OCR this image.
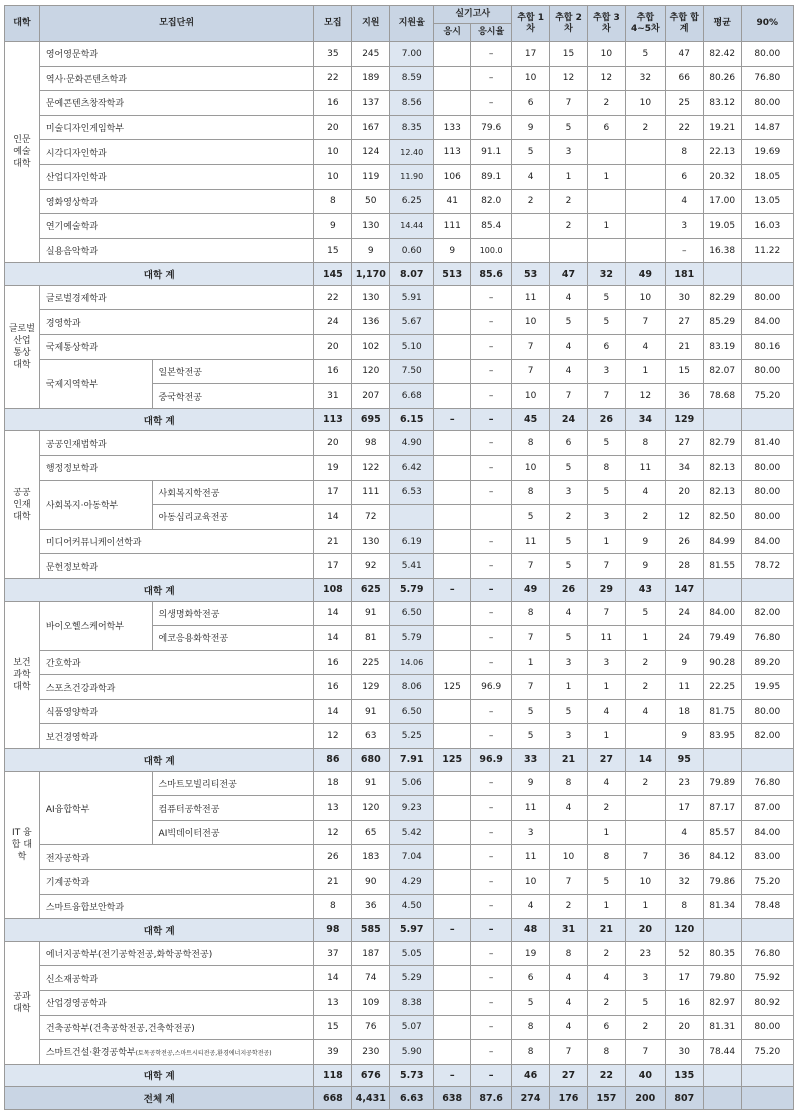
대학	모집단위		모집	지원	지원율	실기고사		추합 1차	추합 2차	추합 3차	추합 4~5차	추합 합계	평균	90%
						응시	응시율							
인문 예술 대학	영어영문학과		35	245	7.00		–	17	15	10	5	47	82.42	80.00
	역사·문화콘텐츠학과		22	189	8.59		–	10	12	12	32	66	80.26	76.80
	문예콘텐츠창작학과		16	137	8.56		–	6	7	2	10	25	83.12	80.00
	미술디자인게임학부		20	167	8.35	133	79.6	9	5	6	2	22	19.21	14.87
	시각디자인학과		10	124	12.40	113	91.1	5	3			8	22.13	19.69
	산업디자인학과		10	119	11.90	106	89.1	4	1	1		6	20.32	18.05
	영화영상학과		8	50	6.25	41	82.0	2	2			4	17.00	13.05
	연기예술학과		9	130	14.44	111	85.4		2	1		3	19.05	16.03
	실용음악학과		15	9	0.60	9	100.0					–	16.38	11.22
대학 계			145	1,170	8.07	513	85.6	53	47	32	49	181		
글로벌 산업 통상 대학	글로벌경제학과		22	130	5.91		–	11	4	5	10	30	82.29	80.00
	경영학과		24	136	5.67		–	10	5	5	7	27	85.29	84.00
	국제통상학과		20	102	5.10		–	7	4	6	4	21	83.19	80.16
	국제지역학부	일본학전공	16	120	7.50		–	7	4	3	1	15	82.07	80.00
		중국학전공	31	207	6.68		–	10	7	7	12	36	78.68	75.20
대학 계			113	695	6.15	–	–	45	24	26	34	129		
공공 인재 대학	공공인재법학과		20	98	4.90		–	8	6	5	8	27	82.79	81.40
	행정정보학과		19	122	6.42		–	10	5	8	11	34	82.13	80.00
	사회복지·아동학부	사회복지학전공	17	111	6.53		–	8	3	5	4	20	82.13	80.00
		아동심리교육전공	14	72				5	2	3	2	12	82.50	80.00
	미디어커뮤니케이션학과		21	130	6.19		–	11	5	1	9	26	84.99	84.00
	문헌정보학과		17	92	5.41		–	7	5	7	9	28	81.55	78.72
대학 계			108	625	5.79	–	–	49	26	29	43	147		
보건 과학 대학	바이오헬스케어학부	의생명화학전공	14	91	6.50		–	8	4	7	5	24	84.00	82.00
		에코응용화학전공	14	81	5.79		–	7	5	11	1	24	79.49	76.80
	간호학과		16	225	14.06		–	1	3	3	2	9	90.28	89.20
	스포츠건강과학과		16	129	8.06	125	96.9	7	1	1	2	11	22.25	19.95
	식품영양학과		14	91	6.50		–	5	5	4	4	18	81.75	80.00
	보건경영학과		12	63	5.25		–	5	3	1		9	83.95	82.00
대학 계			86	680	7.91	125	96.9	33	21	27	14	95		
IT 융합 대학	AI융합학부	스마트모빌리티전공	18	91	5.06		–	9	8	4	2	23	79.89	76.80
		컴퓨터공학전공	13	120	9.23		–	11	4	2		17	87.17	87.00
		AI빅데이터전공	12	65	5.42		–	3		1		4	85.57	84.00
	전자공학과		26	183	7.04		–	11	10	8	7	36	84.12	83.00
	기계공학과		21	90	4.29		–	10	7	5	10	32	79.86	75.20
	스마트융합보안학과		8	36	4.50		–	4	2	1	1	8	81.34	78.48
대학 계			98	585	5.97	–	–	48	31	21	20	120		
공과 대학	에너지공학부(전기공학전공,화학공학전공)		37	187	5.05		–	19	8	2	23	52	80.35	76.80
	신소재공학과		14	74	5.29		–	6	4	4	3	17	79.80	75.92
	산업경영공학과		13	109	8.38		–	5	4	2	5	16	82.97	80.92
	건축공학부(건축공학전공,건축학전공)		15	76	5.07		–	8	4	6	2	20	81.31	80.00
	스마트건설·환경공학부(토목공학전공,스마트시티전공,환경에너지공학전공)		39	230	5.90		–	8	7	8	7	30	78.44	75.20
대학 계			118	676	5.73	–	–	46	27	22	40	135		
전체 계			668	4,431	6.63	638	87.6	274	176	157	200	807		
